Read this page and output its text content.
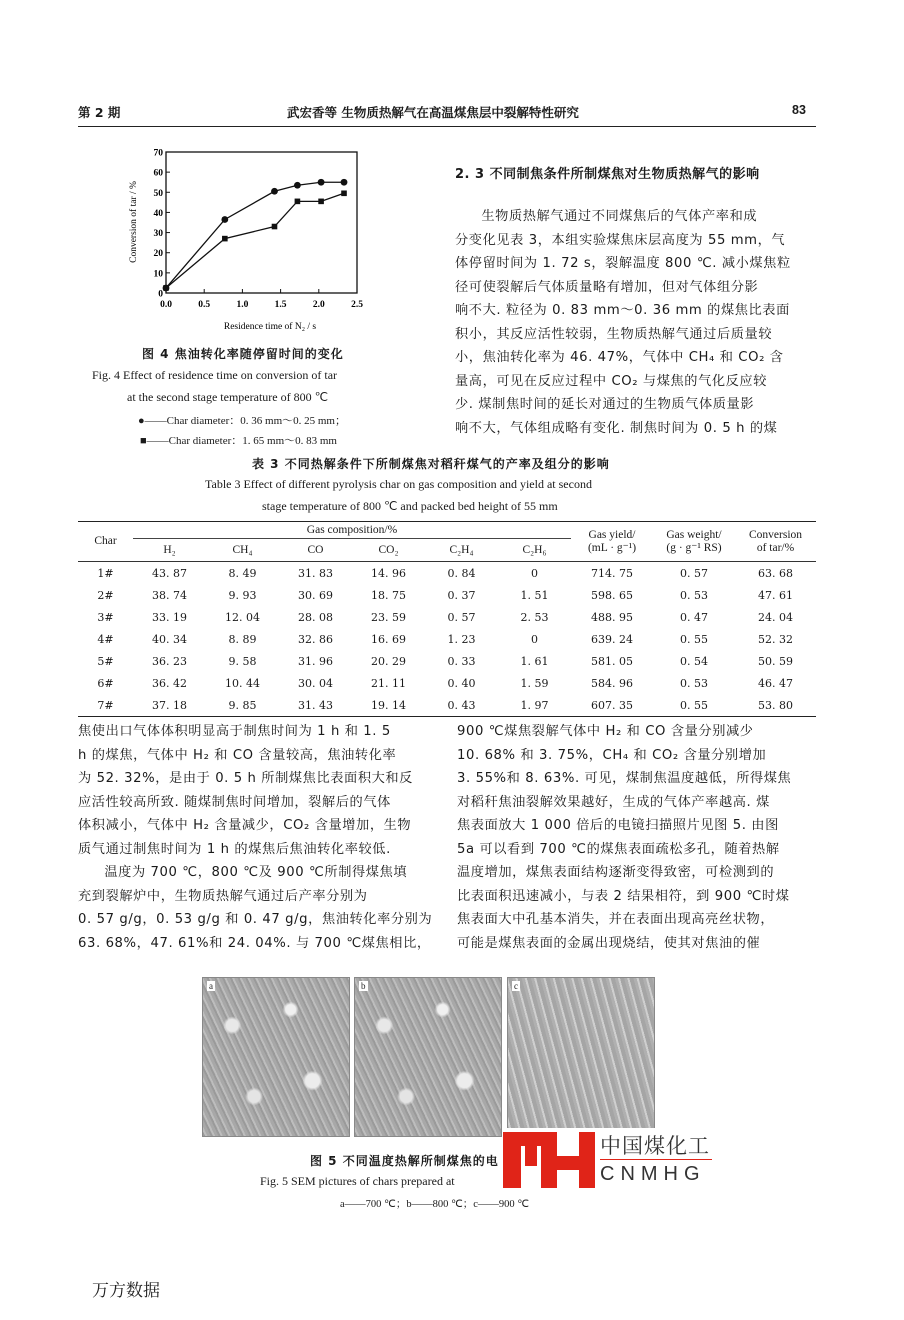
第 2 期	武宏香等 生物质热解气在高温煤焦层中裂解特性研究	83
0.0	0.5	1.0	1.5	2.0	2.5
0
10
20
30
40
50
60
70
Residence time of N₂ / s
Conversion of tar / %
图 4 焦油转化率随停留时间的变化
Fig. 4 Effect of residence time on conversion of tar
at the second stage temperature of 800 ℃
●——Char diameter：0. 36 mm～0. 25 mm；
■——Char diameter：1. 65 mm～0. 83 mm
2. 3 不同制焦条件所制煤焦对生物质热解气的影响

生物质热解气通过不同煤焦后的气体产率和成

分变化见表 3，本组实验煤焦床层高度为 55 mm，气

体停留时间为 1. 72 s，裂解温度 800 ℃. 减小煤焦粒

径可使裂解后气体质量略有增加，但对气体组分影

响不大. 粒径为 0. 83 mm～0. 36 mm 的煤焦比表面

积小，其反应活性较弱，生物质热解气通过后质量较

小，焦油转化率为 46. 47%，气体中 CH₄ 和 CO₂ 含

量高，可见在反应过程中 CO₂ 与煤焦的气化反应较

少. 煤制焦时间的延长对通过的生物质气体质量影

响不大，气体组成略有变化. 制焦时间为 0. 5 h 的煤

表 3 不同热解条件下所制煤焦对稻秆煤气的产率及组分的影响
Table 3 Effect of different pyrolysis char on gas composition and yield at second
stage temperature of 800 ℃ and packed bed height of 55 mm
Char	Gas composition/%						Gas yield/
(mL · g⁻¹)	Gas weight/
(g · g⁻¹ RS)	Conversion
of tar/%
	H₂	CH₄	CO	CO₂	C₂H₄	C₂H₆			
1#	43. 87	8. 49	31. 83	14. 96	0. 84	0	714. 75	0. 57	63. 68
2#	38. 74	9. 93	30. 69	18. 75	0. 37	1. 51	598. 65	0. 53	47. 61
3#	33. 19	12. 04	28. 08	23. 59	0. 57	2. 53	488. 95	0. 47	24. 04
4#	40. 34	8. 89	32. 86	16. 69	1. 23	0	639. 24	0. 55	52. 32
5#	36. 23	9. 58	31. 96	20. 29	0. 33	1. 61	581. 05	0. 54	50. 59
6#	36. 42	10. 44	30. 04	21. 11	0. 40	1. 59	584. 96	0. 53	46. 47
7#	37. 18	9. 85	31. 43	19. 14	0. 43	1. 97	607. 35	0. 55	53. 80

焦使出口气体体积明显高于制焦时间为 1 h 和 1. 5

h 的煤焦，气体中 H₂ 和 CO 含量较高，焦油转化率

为 52. 32%，是由于 0. 5 h 所制煤焦比表面积大和反

应活性较高所致. 随煤制焦时间增加，裂解后的气体

体积减小，气体中 H₂ 含量减少，CO₂ 含量增加，生物

质气通过制焦时间为 1 h 的煤焦后焦油转化率较低.

温度为 700 ℃，800 ℃及 900 ℃所制得煤焦填

充到裂解炉中，生物质热解气通过后产率分别为

0. 57 g/g，0. 53 g/g 和 0. 47 g/g，焦油转化率分别为

63. 68%，47. 61%和 24. 04%. 与 700 ℃煤焦相比，

900 ℃煤焦裂解气体中 H₂ 和 CO 含量分别减少

10. 68% 和 3. 75%，CH₄ 和 CO₂ 含量分别增加

3. 55%和 8. 63%. 可见，煤制焦温度越低，所得煤焦

对稻秆焦油裂解效果越好，生成的气体产率越高. 煤

焦表面放大 1 000 倍后的电镜扫描照片见图 5. 由图

5a 可以看到 700 ℃的煤焦表面疏松多孔，随着热解

温度增加，煤焦表面结构逐渐变得致密，可检测到的

比表面积迅速减小，与表 2 结果相符，到 900 ℃时煤

焦表面大中孔基本消失，并在表面出现高亮丝状物，

可能是煤焦表面的金属出现烧结，使其对焦油的催

a	b	c
图 5 不同温度热解所制煤焦的电
Fig. 5 SEM pictures of chars prepared at
a——700 ℃；b——800 ℃；c——900 ℃
中国煤化工
CNMHG
万方数据
